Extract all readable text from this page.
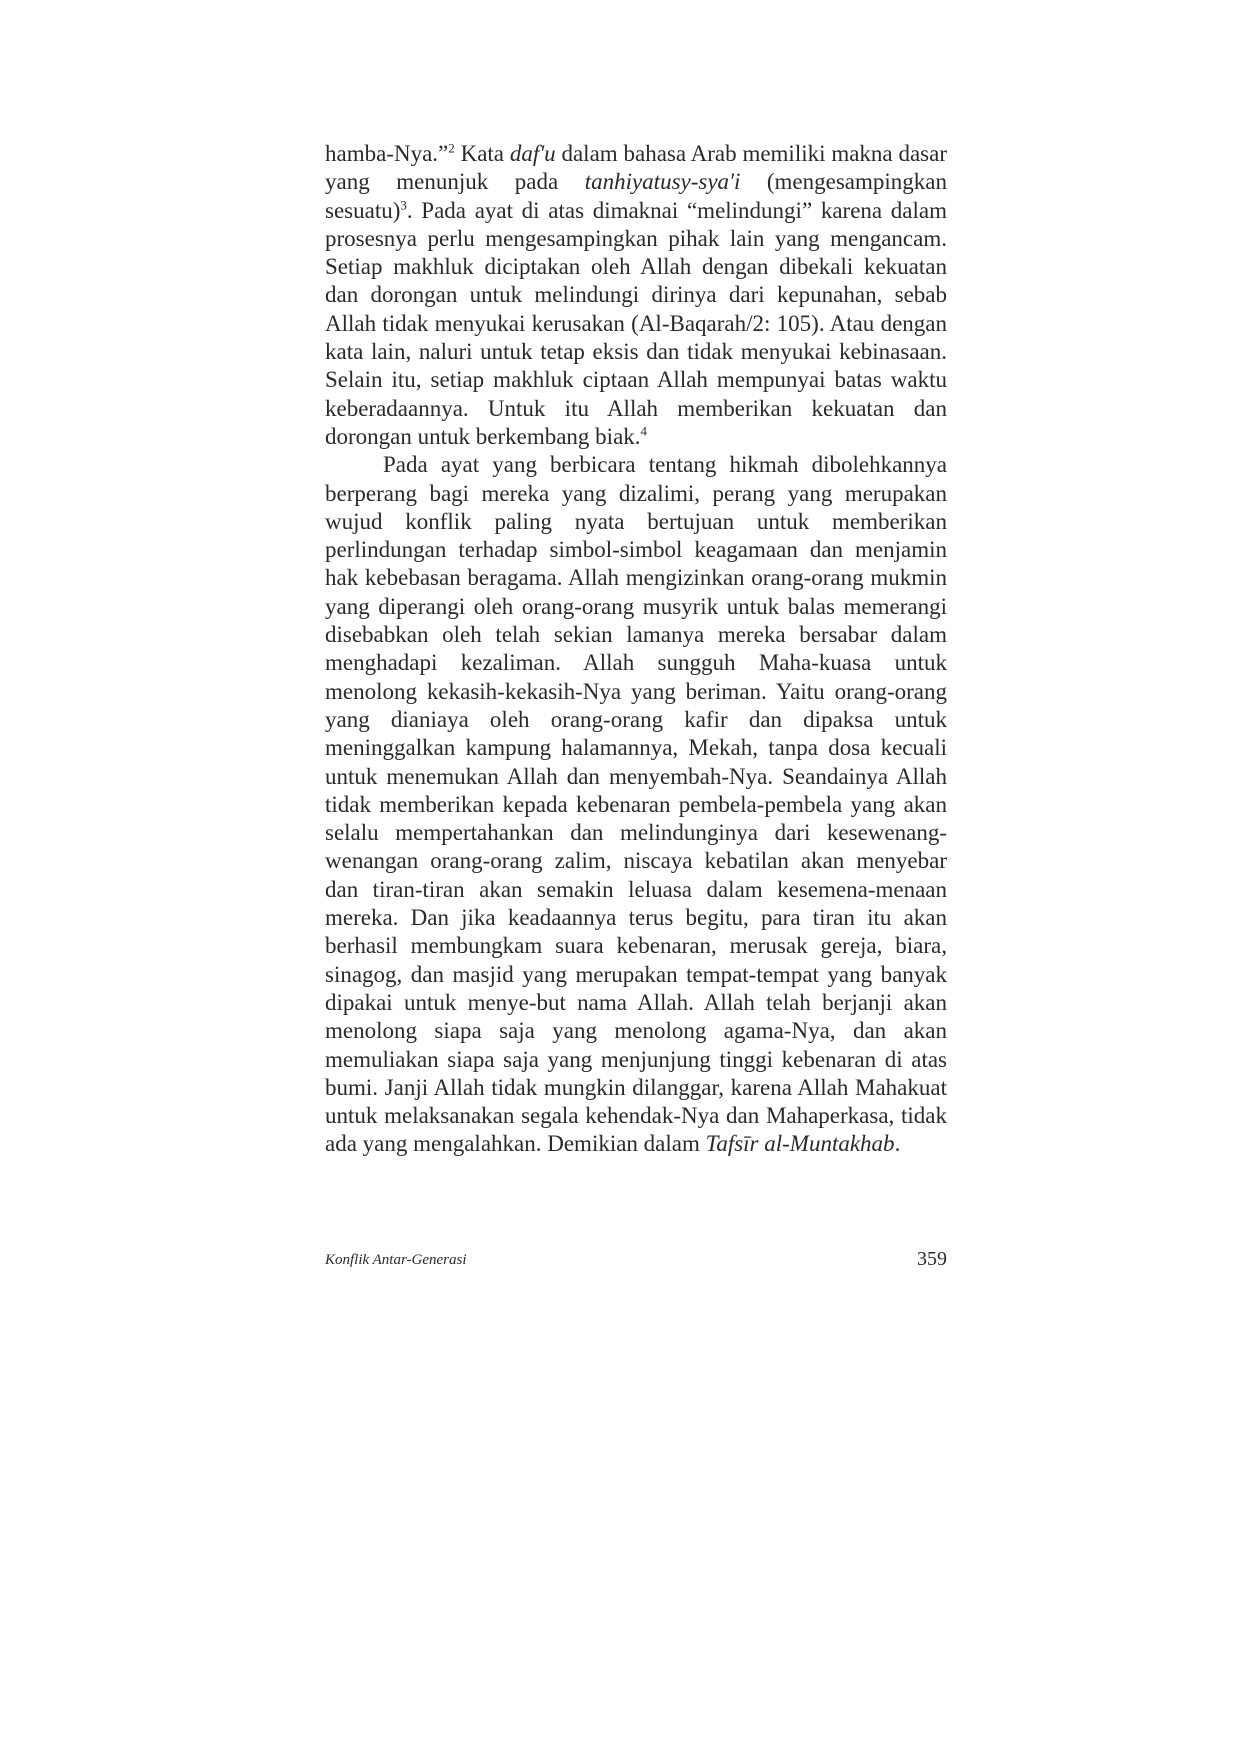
hamba-Nya.”$^2$ Kata daf'u dalam bahasa Arab memiliki makna dasar yang menunjuk pada tanhiyatusy-sya'i (mengesampingkan sesuatu)$^3$. Pada ayat di atas dimaknai “melindungi” karena dalam prosesnya perlu mengesampingkan pihak lain yang mengancam. Setiap makhluk diciptakan oleh Allah dengan dibekali kekuatan dan dorongan untuk melindungi dirinya dari kepunahan, sebab Allah tidak menyukai kerusakan (Al-Baqarah/2: 105). Atau dengan kata lain, naluri untuk tetap eksis dan tidak menyukai kebinasaan. Selain itu, setiap makhluk ciptaan Allah mempunyai batas waktu keberadaannya. Untuk itu Allah memberikan kekuatan dan dorongan untuk berkembang biak.$^4$

Pada ayat yang berbicara tentang hikmah dibolehkannya berperang bagi mereka yang dizalimi, perang yang merupakan wujud konflik paling nyata bertujuan untuk memberikan perlindungan terhadap simbol-simbol keagamaan dan menjamin hak kebebasan beragama. Allah mengizinkan orang-orang mukmin yang diperangi oleh orang-orang musyrik untuk balas memerangi disebabkan oleh telah sekian lamanya mereka bersabar dalam menghadapi kezaliman. Allah sungguh Maha-kuasa untuk menolong kekasih-kekasih-Nya yang beriman. Yaitu orang-orang yang dianiaya oleh orang-orang kafir dan dipaksa untuk meninggalkan kampung halamannya, Mekah, tanpa dosa kecuali untuk menemukan Allah dan menyembah-Nya. Seandainya Allah tidak memberikan kepada kebenaran pembela-pembela yang akan selalu mempertahankan dan melindunginya dari kesewenang-wenangan orang-orang zalim, niscaya kebatilan akan menyebar dan tiran-tiran akan semakin leluasa dalam kesemena-menaan mereka. Dan jika keadaannya terus begitu, para tiran itu akan berhasil membungkam suara kebenaran, merusak gereja, biara, sinagog, dan masjid yang merupakan tempat-tempat yang banyak dipakai untuk menye-but nama Allah. Allah telah berjanji akan menolong siapa saja yang menolong agama-Nya, dan akan memuliakan siapa saja yang menjunjung tinggi kebenaran di atas bumi. Janji Allah tidak mungkin dilanggar, karena Allah Mahakuat untuk melaksanakan segala kehendak-Nya dan Mahaperkasa, tidak ada yang mengalahkan. Demikian dalam Tafsīr al-Muntakhab.

Konflik Antar-Generasi	359
